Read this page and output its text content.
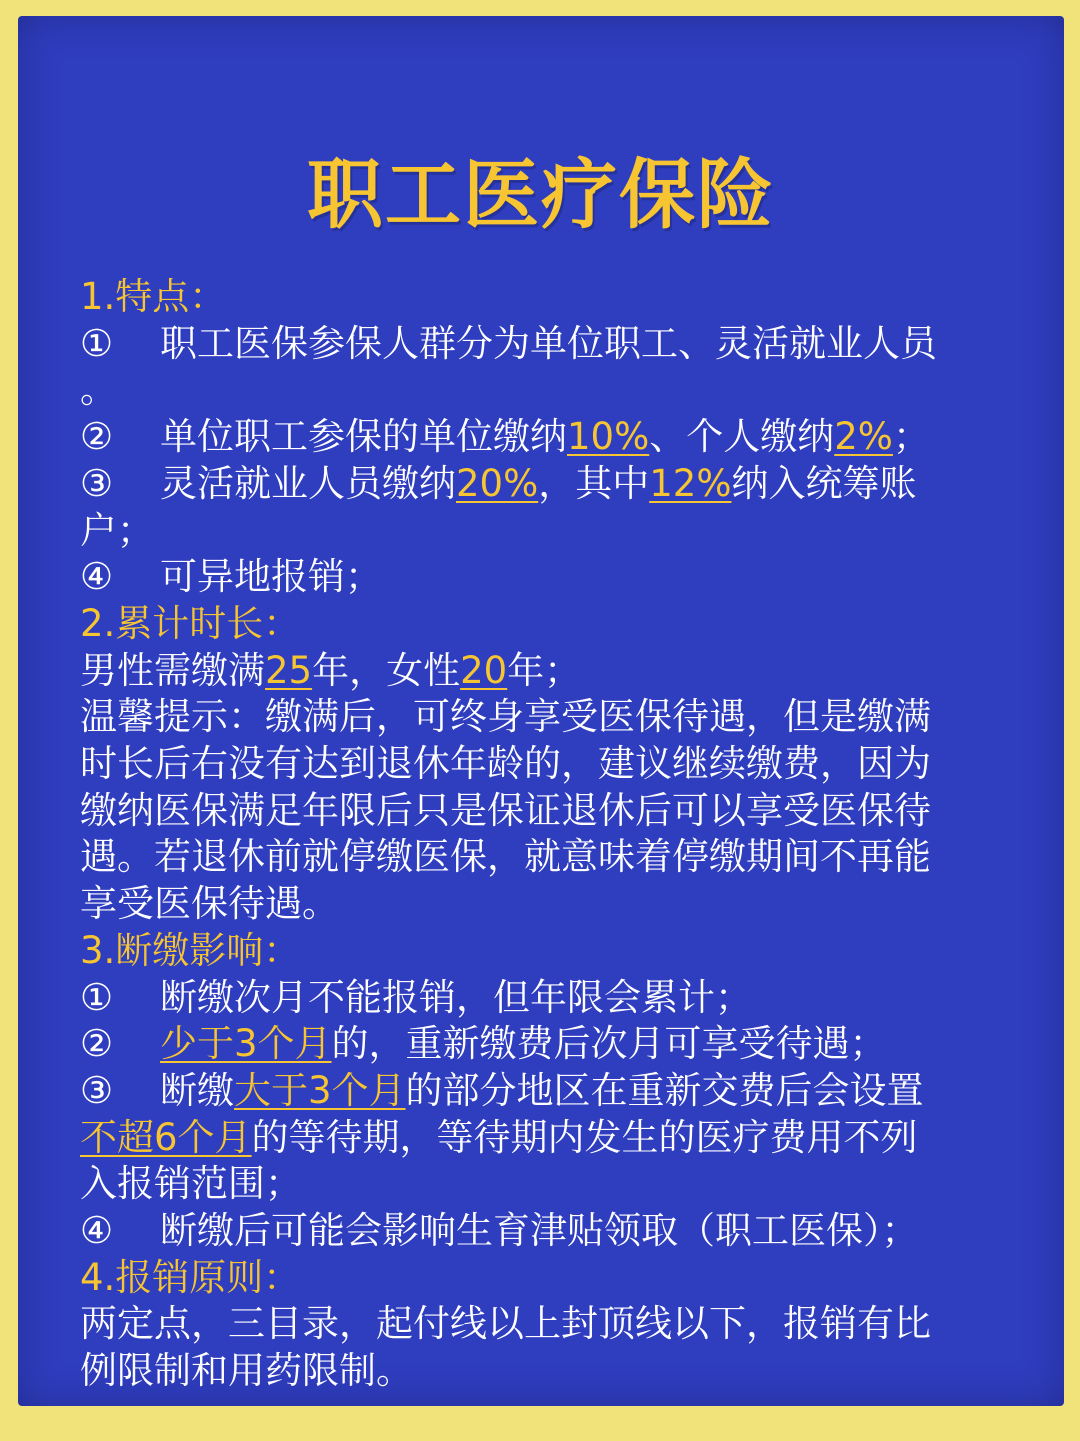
职工医疗保险
1.特点：
① 职工医保参保人群分为单位职工、灵活就业人员
。
② 单位职工参保的单位缴纳10%、个人缴纳2%；
③ 灵活就业人员缴纳20%，其中12%纳入统筹账
户；
④ 可异地报销；
2.累计时长：
男性需缴满25年，女性20年；
温馨提示：缴满后，可终身享受医保待遇，但是缴满
时长后右没有达到退休年龄的，建议继续缴费，因为
缴纳医保满足年限后只是保证退休后可以享受医保待
遇。若退休前就停缴医保，就意味着停缴期间不再能
享受医保待遇。
3.断缴影响：
① 断缴次月不能报销，但年限会累计；
② 少于3个月的，重新缴费后次月可享受待遇；
③ 断缴大于3个月的部分地区在重新交费后会设置
不超6个月的等待期，等待期内发生的医疗费用不列
入报销范围；
④ 断缴后可能会影响生育津贴领取（职工医保）；
4.报销原则：
两定点，三目录，起付线以上封顶线以下，报销有比
例限制和用药限制。
